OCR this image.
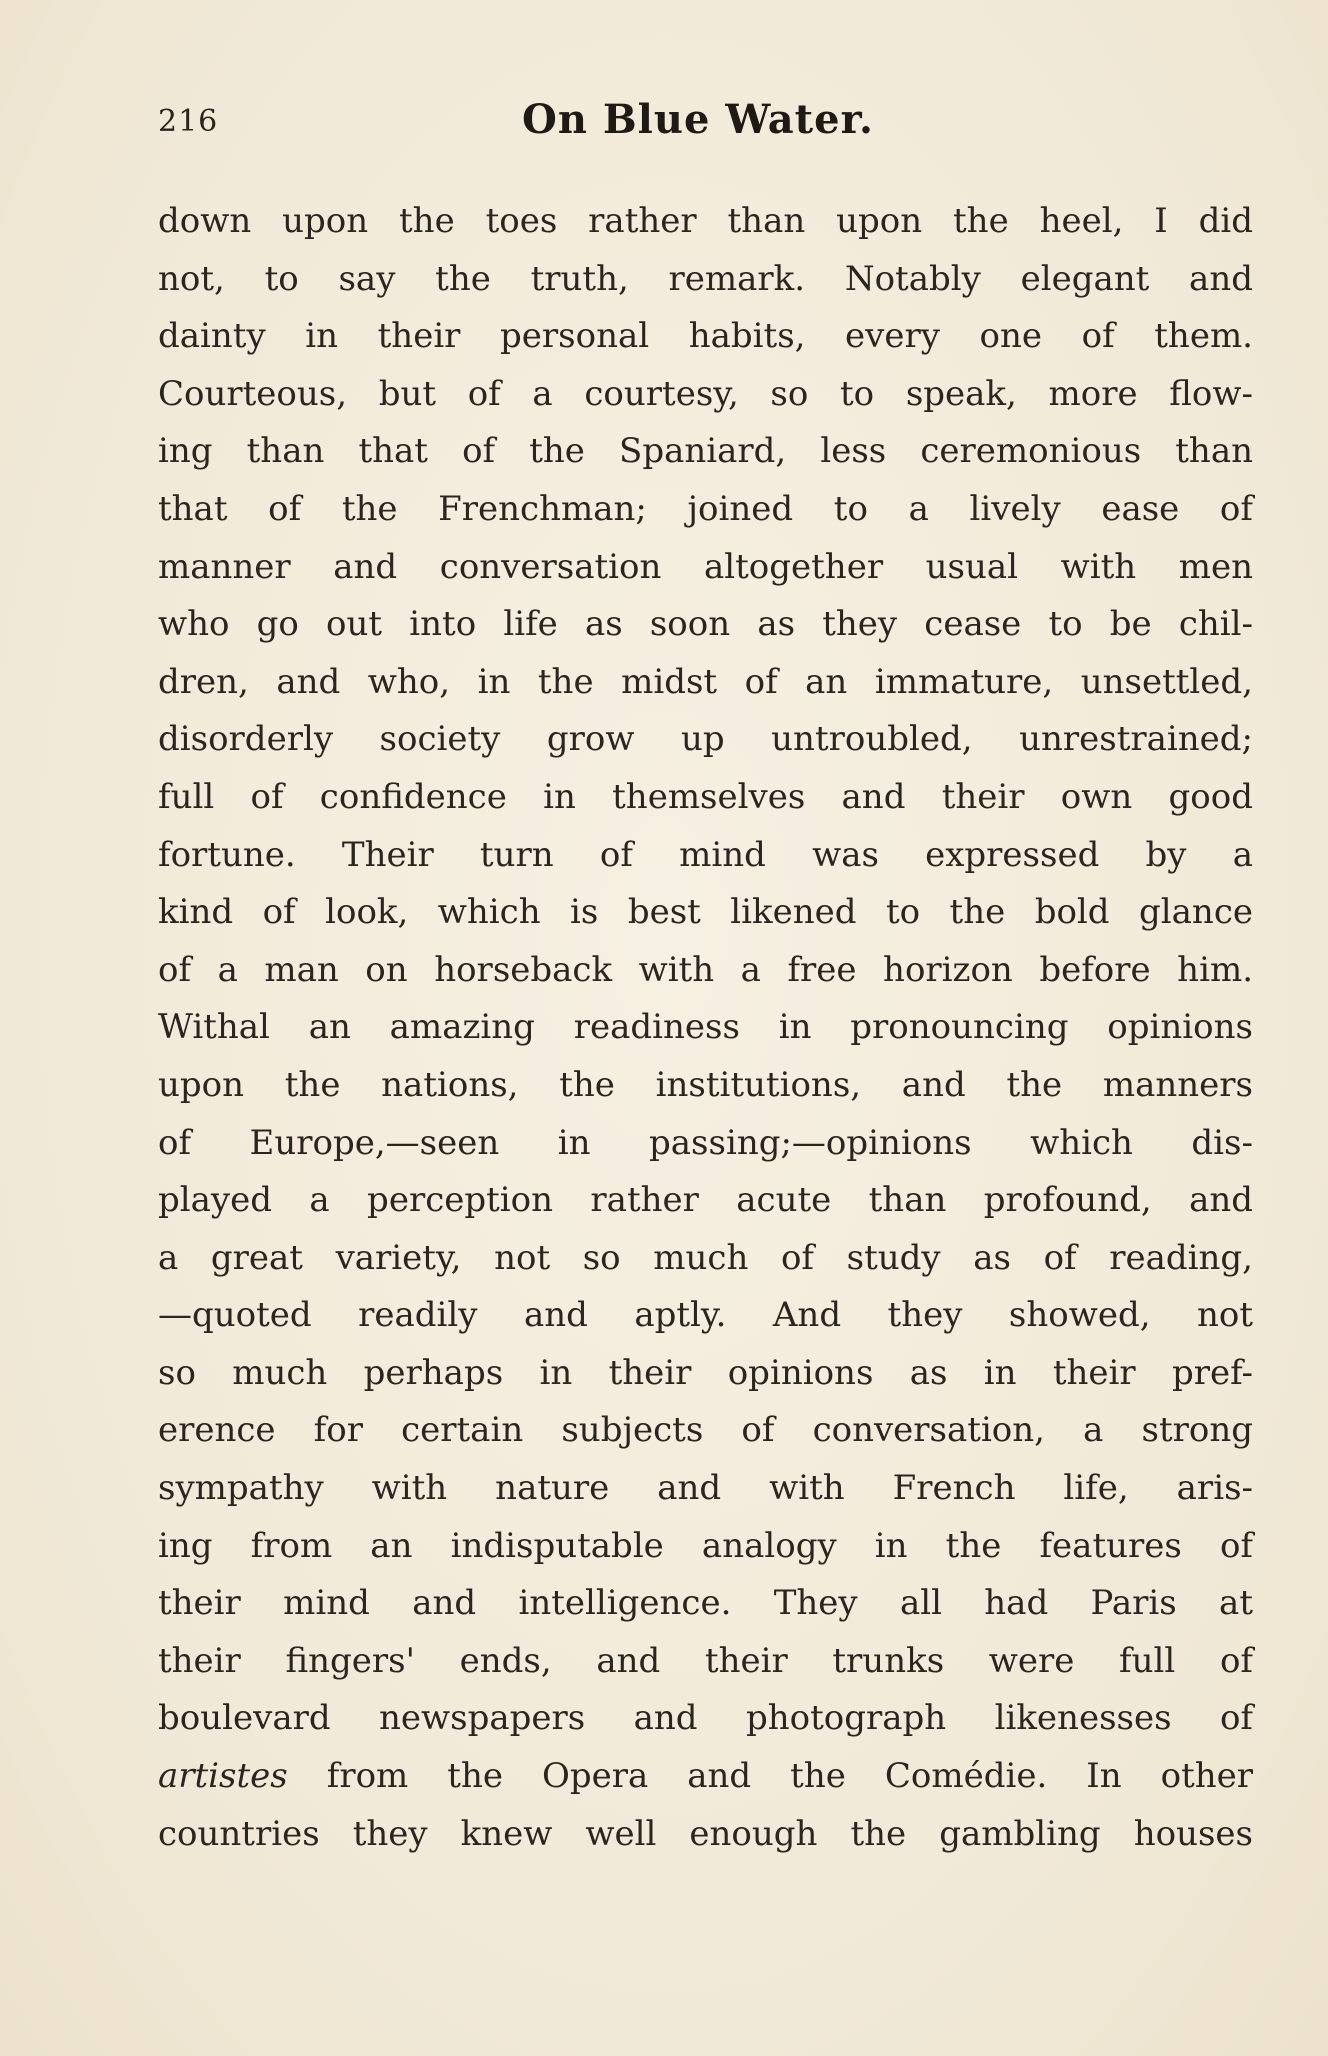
216	On Blue Water.
down upon the toes rather than upon the heel, I did
not, to say the truth, remark. Notably elegant and
dainty in their personal habits, every one of them.
Courteous, but of a courtesy, so to speak, more flow-
ing than that of the Spaniard, less ceremonious than
that of the Frenchman; joined to a lively ease of
manner and conversation altogether usual with men
who go out into life as soon as they cease to be chil-
dren, and who, in the midst of an immature, unsettled,
disorderly society grow up untroubled, unrestrained;
full of confidence in themselves and their own good
fortune. Their turn of mind was expressed by a
kind of look, which is best likened to the bold glance
of a man on horseback with a free horizon before him.
Withal an amazing readiness in pronouncing opinions
upon the nations, the institutions, and the manners
of Europe,—seen in passing;—opinions which dis-
played a perception rather acute than profound, and
a great variety, not so much of study as of reading,
—quoted readily and aptly. And they showed, not
so much perhaps in their opinions as in their pref-
erence for certain subjects of conversation, a strong
sympathy with nature and with French life, aris-
ing from an indisputable analogy in the features of
their mind and intelligence. They all had Paris at
their fingers' ends, and their trunks were full of
boulevard newspapers and photograph likenesses of
artistes from the Opera and the Comédie. In other
countries they knew well enough the gambling houses
